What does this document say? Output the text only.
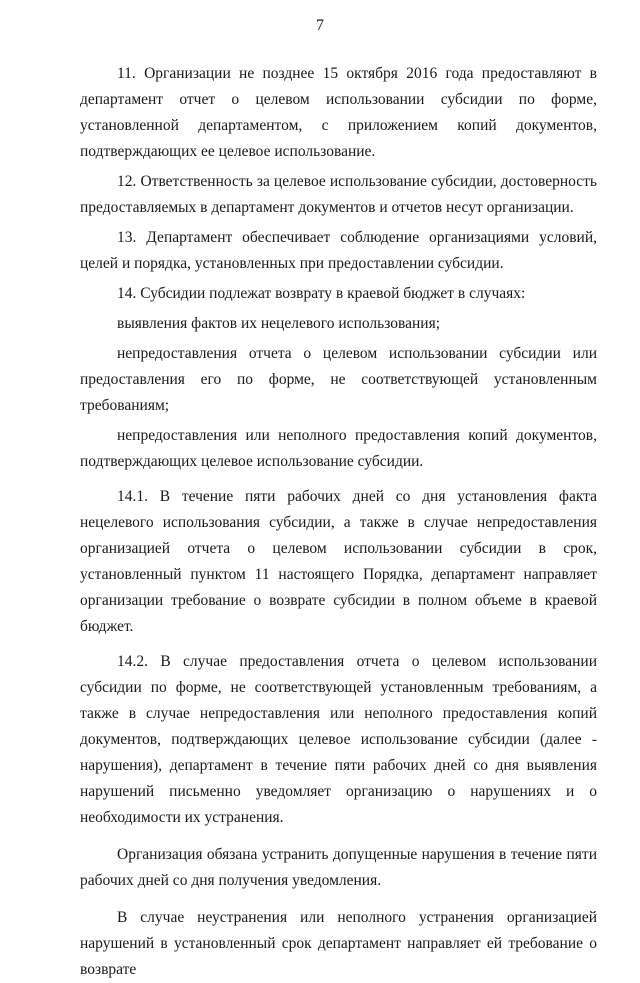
7

11. Организации не позднее 15 октября 2016 года предоставляют в департамент отчет о целевом использовании субсидии по форме, установленной департаментом, с приложением копий документов, подтверждающих ее целевое использование.

12. Ответственность за целевое использование субсидии, достоверность предоставляемых в департамент документов и отчетов несут организации.

13. Департамент обеспечивает соблюдение организациями условий, целей и порядка, установленных при предоставлении субсидии.

14. Субсидии подлежат возврату в краевой бюджет в случаях:

выявления фактов их нецелевого использования;

непредоставления отчета о целевом использовании субсидии или предоставления его по форме, не соответствующей установленным требованиям;

непредоставления или неполного предоставления копий документов, подтверждающих целевое использование субсидии.

14.1. В течение пяти рабочих дней со дня установления факта нецелевого использования субсидии, а также в случае непредоставления организацией отчета о целевом использовании субсидии в срок, установленный пунктом 11 настоящего Порядка, департамент направляет организации требование о возврате субсидии в полном объеме в краевой бюджет.

14.2. В случае предоставления отчета о целевом использовании субсидии по форме, не соответствующей установленным требованиям, а также в случае непредоставления или неполного предоставления копий документов, подтверждающих целевое использование субсидии (далее - нарушения), департамент в течение пяти рабочих дней со дня выявления нарушений письменно уведомляет организацию о нарушениях и о необходимости их устранения.

Организация обязана устранить допущенные нарушения в течение пяти рабочих дней со дня получения уведомления.

В случае неустранения или неполного устранения организацией нарушений в установленный срок департамент направляет ей требование о возврате
